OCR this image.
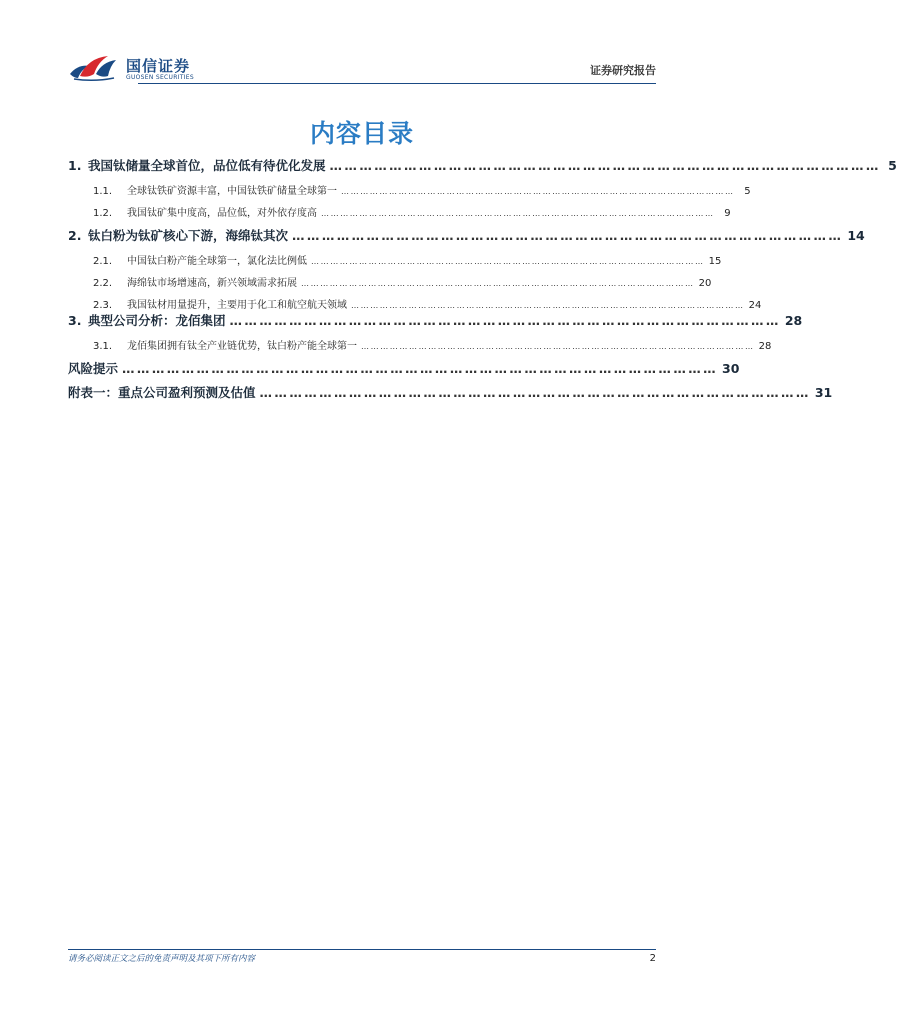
国信证券
GUOSEN SECURITIES
证券研究报告
内容目录
1. 我国钛储量全球首位，品位低有待优化发展 ………………………………………………………………………………………………… 5
1.1.	全球钛铁矿资源丰富，中国钛铁矿储量全球第一 …………………………………………………………………………………………………………… 5
1.2.	我国钛矿集中度高，品位低，对外依存度高 …………………………………………………………………………………………………………… 9
2. 钛白粉为钛矿核心下游，海绵钛其次 ………………………………………………………………………………………………… 14
2.1.	中国钛白粉产能全球第一，氯化法比例低 …………………………………………………………………………………………………………… 15
2.2.	海绵钛市场增速高，新兴领域需求拓展 …………………………………………………………………………………………………………… 20
2.3.	我国钛材用量提升，主要用于化工和航空航天领域 …………………………………………………………………………………………………………… 24
3. 典型公司分析：龙佰集团 ………………………………………………………………………………………………… 28
3.1.	龙佰集团拥有钛全产业链优势，钛白粉产能全球第一 …………………………………………………………………………………………………………… 28
风险提示 ………………………………………………………………………………………………………… 30
附表一：重点公司盈利预测及估值 ………………………………………………………………………………………………… 31
请务必阅读正文之后的免责声明及其项下所有内容	2
